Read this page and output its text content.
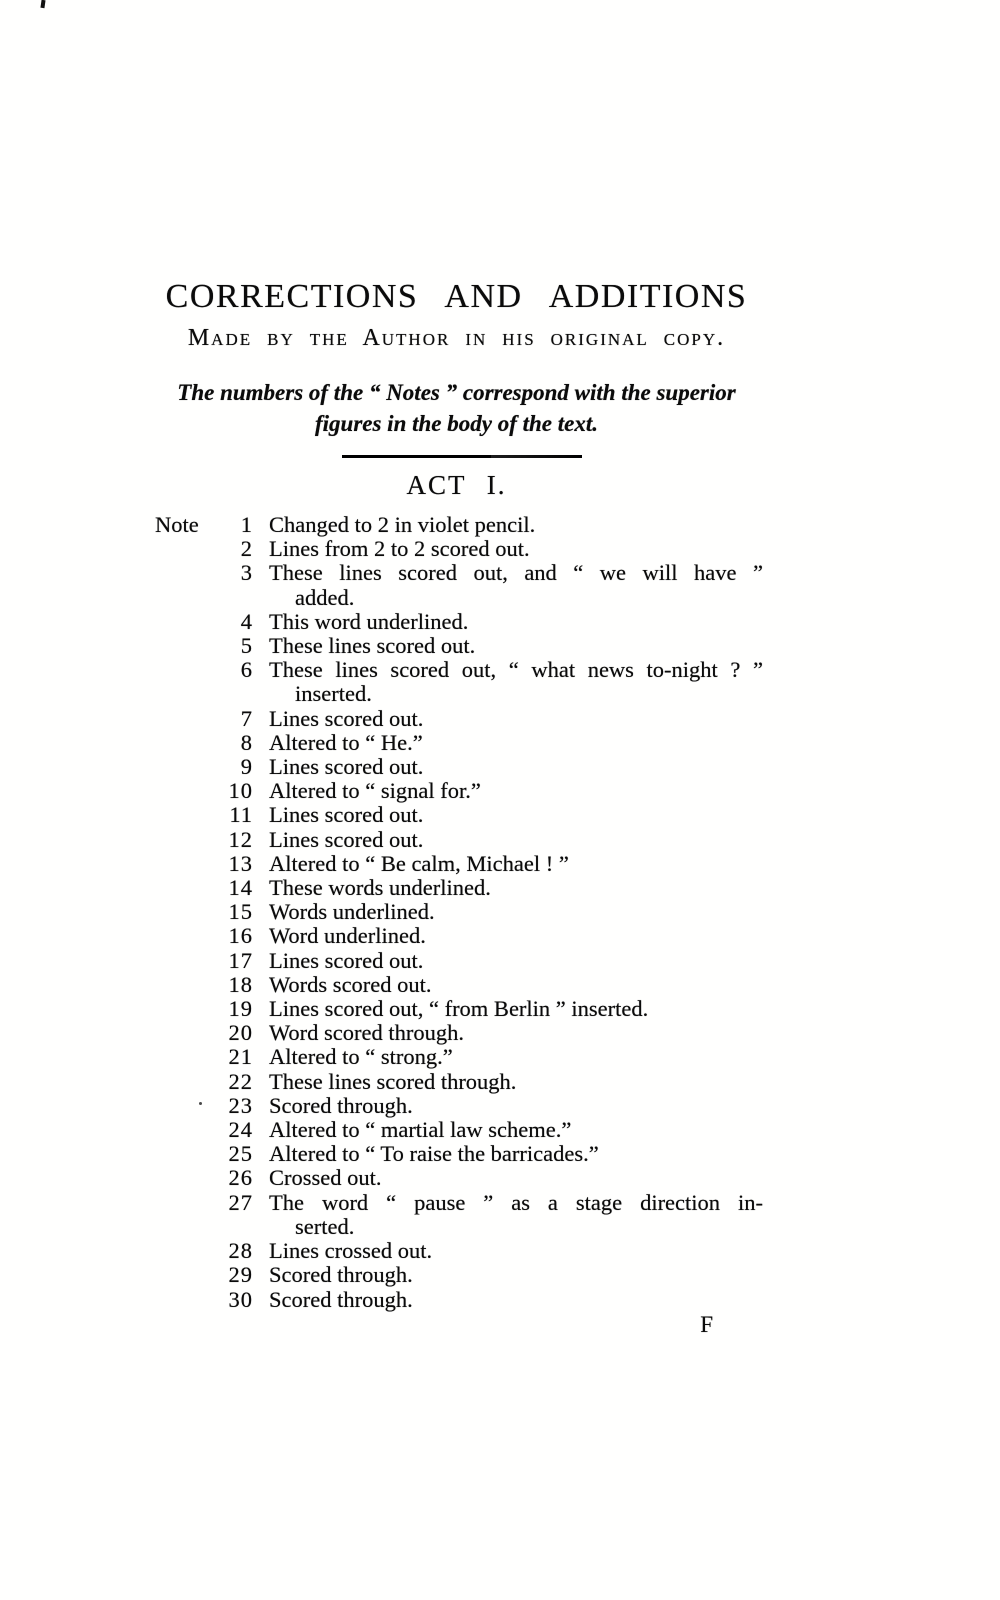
CORRECTIONS AND ADDITIONS
Made by the Author in his original copy.

The numbers of the “ Notes ” correspond with the superior
figures in the body of the text.

ACT I.
Note	1 Changed to 2 in violet pencil.
2 Lines from 2 to 2 scored out.
3 These lines scored out, and “ we will have ”
added.
4 This word underlined.
5 These lines scored out.
6 These lines scored out, “ what news to-night ? ”
inserted.
7 Lines scored out.
8 Altered to “ He.”
9 Lines scored out.
10 Altered to “ signal for.”
11 Lines scored out.
12 Lines scored out.
13 Altered to “ Be calm, Michael ! ”
14 These words underlined.
15 Words underlined.
16 Word underlined.
17 Lines scored out.
18 Words scored out.
19 Lines scored out, “ from Berlin ” inserted.
20 Word scored through.
21 Altered to “ strong.”
22 These lines scored through.
23 Scored through.
24 Altered to “ martial law scheme.”
25 Altered to “ To raise the barricades.”
26 Crossed out.
27 The word “ pause ” as a stage direction in-
serted.
28 Lines crossed out.
29 Scored through.
30 Scored through.
F
